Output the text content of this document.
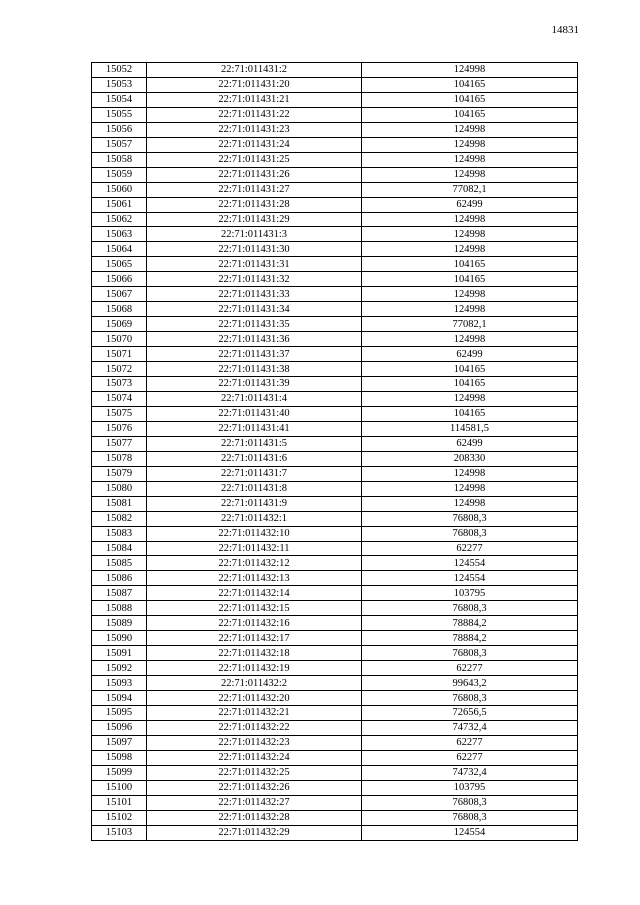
14831
15052	22:71:011431:2	124998
15053	22:71:011431:20	104165
15054	22:71:011431:21	104165
15055	22:71:011431:22	104165
15056	22:71:011431:23	124998
15057	22:71:011431:24	124998
15058	22:71:011431:25	124998
15059	22:71:011431:26	124998
15060	22:71:011431:27	77082,1
15061	22:71:011431:28	62499
15062	22:71:011431:29	124998
15063	22:71:011431:3	124998
15064	22:71:011431:30	124998
15065	22:71:011431:31	104165
15066	22:71:011431:32	104165
15067	22:71:011431:33	124998
15068	22:71:011431:34	124998
15069	22:71:011431:35	77082,1
15070	22:71:011431:36	124998
15071	22:71:011431:37	62499
15072	22:71:011431:38	104165
15073	22:71:011431:39	104165
15074	22:71:011431:4	124998
15075	22:71:011431:40	104165
15076	22:71:011431:41	114581,5
15077	22:71:011431:5	62499
15078	22:71:011431:6	208330
15079	22:71:011431:7	124998
15080	22:71:011431:8	124998
15081	22:71:011431:9	124998
15082	22:71:011432:1	76808,3
15083	22:71:011432:10	76808,3
15084	22:71:011432:11	62277
15085	22:71:011432:12	124554
15086	22:71:011432:13	124554
15087	22:71:011432:14	103795
15088	22:71:011432:15	76808,3
15089	22:71:011432:16	78884,2
15090	22:71:011432:17	78884,2
15091	22:71:011432:18	76808,3
15092	22:71:011432:19	62277
15093	22:71:011432:2	99643,2
15094	22:71:011432:20	76808,3
15095	22:71:011432:21	72656,5
15096	22:71:011432:22	74732,4
15097	22:71:011432:23	62277
15098	22:71:011432:24	62277
15099	22:71:011432:25	74732,4
15100	22:71:011432:26	103795
15101	22:71:011432:27	76808,3
15102	22:71:011432:28	76808,3
15103	22:71:011432:29	124554
